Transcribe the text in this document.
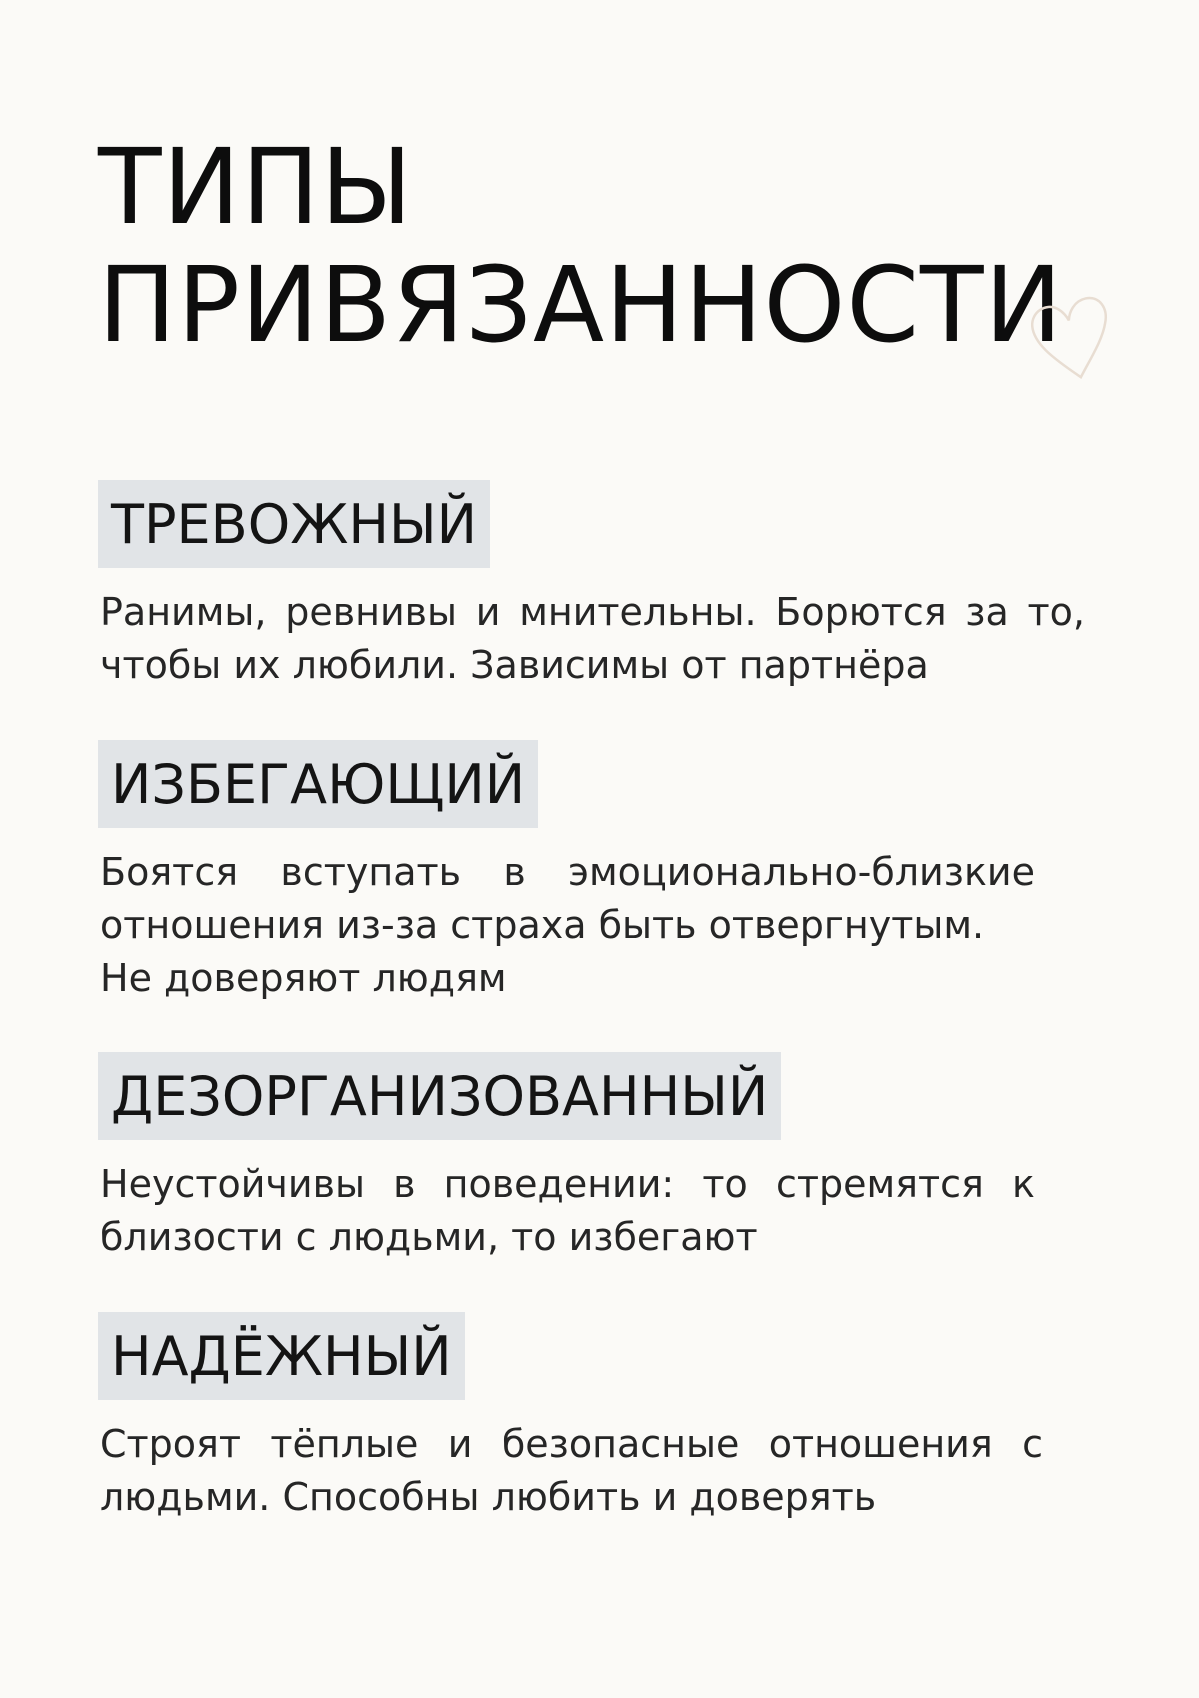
ТИПЫ
ПРИВЯЗАННОСТИ
ТРЕВОЖНЫЙ
Ранимы, ревнивы и мнительны. Борются за то,
чтобы их любили. Зависимы от партнёра
ИЗБЕГАЮЩИЙ
Боятся вступать в эмоционально-близкие
отношения из-за страха быть отвергнутым.
Не доверяют людям
ДЕЗОРГАНИЗОВАННЫЙ
Неустойчивы в поведении: то стремятся к
близости с людьми, то избегают
НАДЁЖНЫЙ
Строят тёплые и безопасные отношения с
людьми. Способны любить и доверять
